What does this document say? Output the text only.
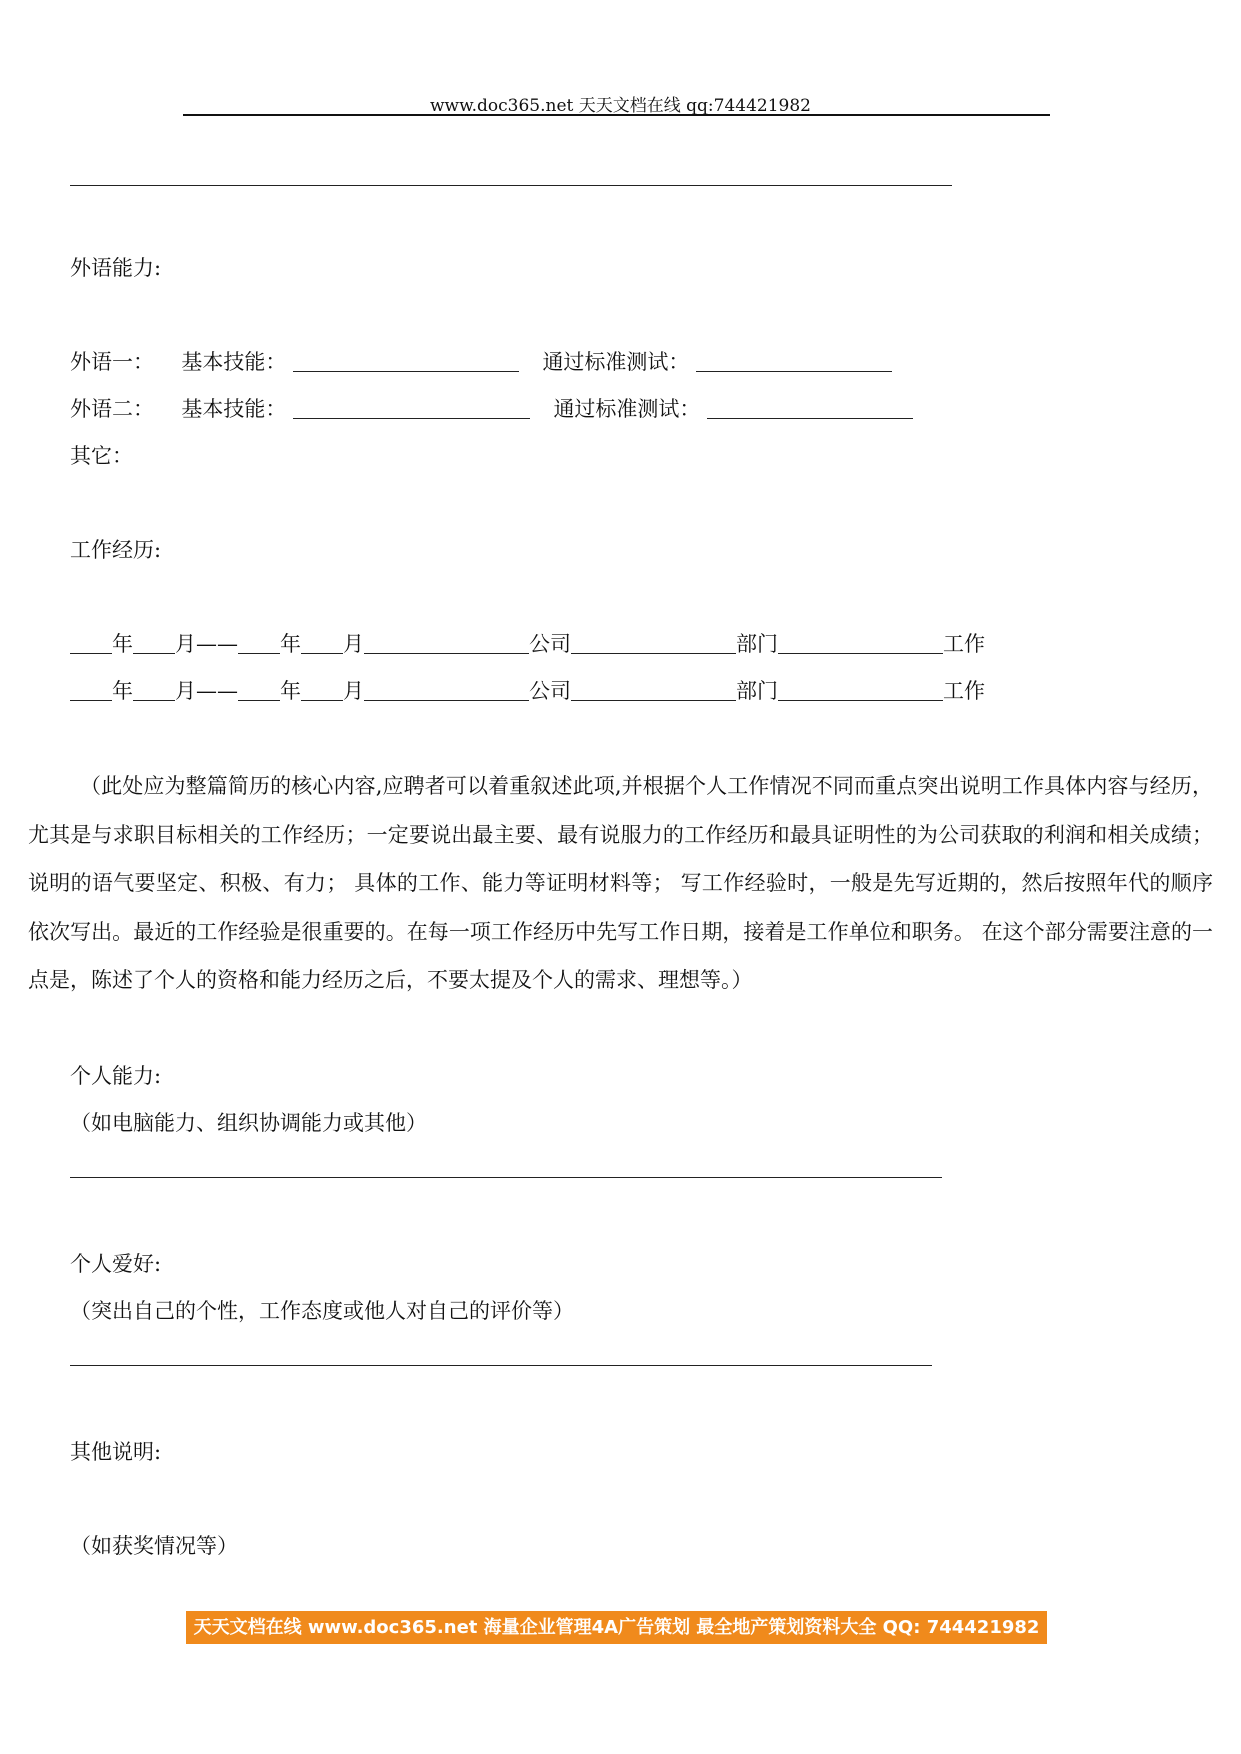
www.doc365.net 天天文档在线 qq:744421982
外语能力:
外语一： 基本技能：	通过标准测试：
外语二： 基本技能：	通过标准测试：
其它：
工作经历:
年 月—— 年 月	公司	部门	工作
年 月—— 年 月	公司	部门	工作
（此处应为整篇简历的核心内容,应聘者可以着重叙述此项,并根据个人工作情况不同而重点突出说明工作具体内容与经历，尤其是与求职目标相关的工作经历；一定要说出最主要、最有说服力的工作经历和最具证明性的为公司获取的利润和相关成绩； 说明的语气要坚定、积极、有力； 具体的工作、能力等证明材料等； 写工作经验时，一般是先写近期的，然后按照年代的顺序依次写出。最近的工作经验是很重要的。在每一项工作经历中先写工作日期，接着是工作单位和职务。 在这个部分需要注意的一点是，陈述了个人的资格和能力经历之后，不要太提及个人的需求、理想等。）
个人能力:
（如电脑能力、组织协调能力或其他）
个人爱好:
（突出自己的个性，工作态度或他人对自己的评价等）
其他说明:
（如获奖情况等）
天天文档在线 www.doc365.net 海量企业管理4A广告策划 最全地产策划资料大全 QQ: 744421982
